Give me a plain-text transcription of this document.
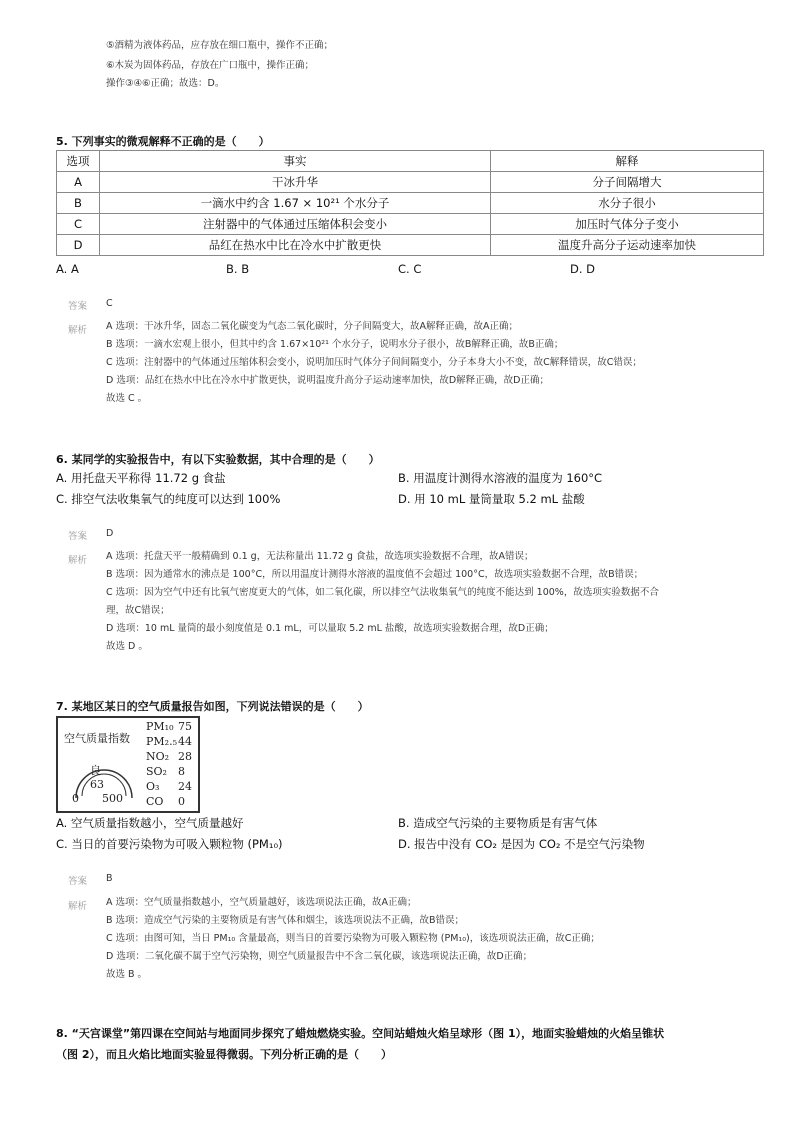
⑤酒精为液体药品，应存放在细口瓶中，操作不正确；
⑥木炭为固体药品，存放在广口瓶中，操作正确；
操作③④⑥正确；故选：D。
5. 下列事实的微观解释不正确的是（　　）
选项	事实	解释
A	干冰升华	分子间隔增大
B	一滴水中约含 1.67 × 10²¹ 个水分子	水分子很小
C	注射器中的气体通过压缩体积会变小	加压时气体分子变小
D	品红在热水中比在冷水中扩散更快	温度升高分子运动速率加快
A. A	B. B	C. C	D. D
答案 C
解析 A 选项：干冰升华，固态二氧化碳变为气态二氧化碳时，分子间隔变大，故A解释正确，故A正确；
B 选项：一滴水宏观上很小，但其中约含 1.67×10²¹ 个水分子，说明水分子很小，故B解释正确，故B正确；
C 选项：注射器中的气体通过压缩体积会变小，说明加压时气体分子间间隔变小，分子本身大小不变，故C解释错误，故C错误；
D 选项：品红在热水中比在冷水中扩散更快，说明温度升高分子运动速率加快，故D解释正确，故D正确；
故选 C 。
6. 某同学的实验报告中，有以下实验数据，其中合理的是（　　）
A. 用托盘天平称得 11.72 g 食盐	B. 用温度计测得水溶液的温度为 160°C
C. 排空气法收集氧气的纯度可以达到 100%	D. 用 10 mL 量筒量取 5.2 mL 盐酸
答案 D
解析 A 选项：托盘天平一般精确到 0.1 g，无法称量出 11.72 g 食盐，故选项实验数据不合理，故A错误；
B 选项：因为通常水的沸点是 100°C，所以用温度计测得水溶液的温度值不会超过 100°C，故选项实验数据不合理，故B错误；
C 选项：因为空气中还有比氧气密度更大的气体，如二氧化碳，所以排空气法收集氧气的纯度不能达到 100%，故选项实验数据不合
理，故C错误；
D 选项：10 mL 量筒的最小刻度值是 0.1 mL，可以量取 5.2 mL 盐酸，故选项实验数据合理，故D正确；
故选 D 。
7. 某地区某日的空气质量报告如图，下列说法错误的是（　　）
空气质量指数
良
63
0 500
PM₁₀ 75
PM₂.₅ 44
NO₂ 28
SO₂ 8
O₃ 24
CO 0
A. 空气质量指数越小，空气质量越好	B. 造成空气污染的主要物质是有害气体
C. 当日的首要污染物为可吸入颗粒物 (PM₁₀)	D. 报告中没有 CO₂ 是因为 CO₂ 不是空气污染物
答案 B
解析 A 选项：空气质量指数越小，空气质量越好，该选项说法正确，故A正确；
B 选项：造成空气污染的主要物质是有害气体和烟尘，该选项说法不正确，故B错误；
C 选项：由图可知，当日 PM₁₀ 含量最高，则当日的首要污染物为可吸入颗粒物 (PM₁₀)，该选项说法正确，故C正确；
D 选项：二氧化碳不属于空气污染物，则空气质量报告中不含二氧化碳，该选项说法正确，故D正确；
故选 B 。
8. “天宫课堂”第四课在空间站与地面同步探究了蜡烛燃烧实验。空间站蜡烛火焰呈球形（图 1），地面实验蜡烛的火焰呈锥状
（图 2），而且火焰比地面实验显得微弱。下列分析正确的是（　　）
